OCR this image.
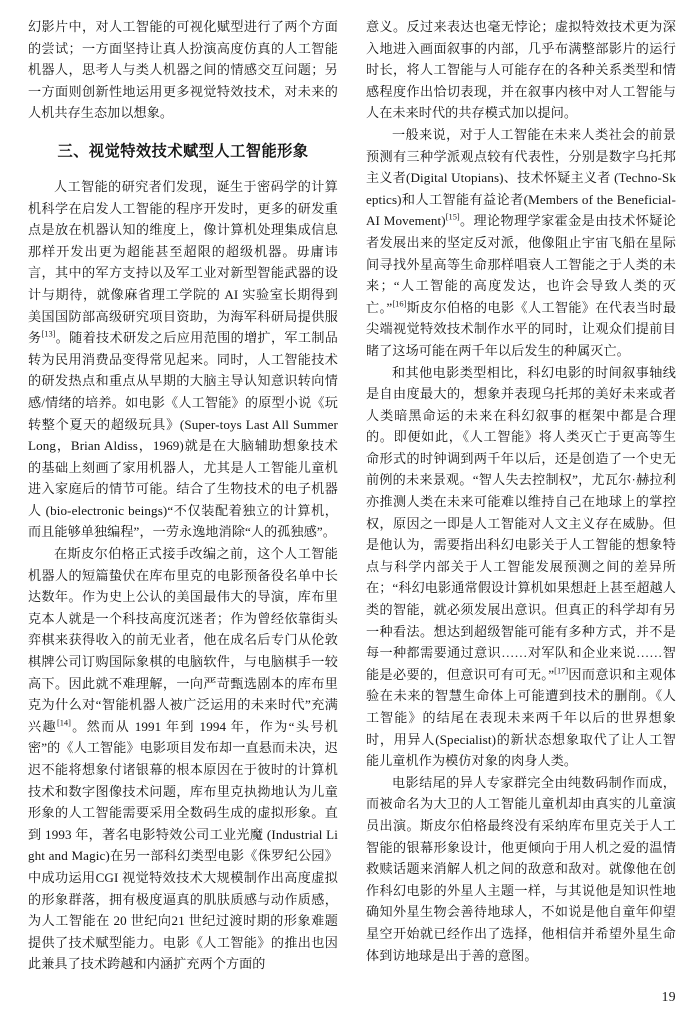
幻影片中，对人工智能的可视化赋型进行了两个方面的尝试；一方面坚持让真人扮演高度仿真的人工智能机器人，思考人与类人机器之间的情感交互问题；另一方面则创新性地运用更多视觉特效技术，对未来的人机共存生态加以想象。

三、视觉特效技术赋型人工智能形象

人工智能的研究者们发现，诞生于密码学的计算机科学在启发人工智能的程序开发时，更多的研发重点是放在机器认知的维度上，像计算机处理集成信息那样开发出更为超能甚至超限的超级机器。毋庸讳言，其中的军方支持以及军工业对新型智能武器的设计与期待，就像麻省理工学院的 AI 实验室长期得到美国国防部高级研究项目资助，为海军科研局提供服务[13]。随着技术研发之后应用范围的增扩，军工制品转为民用消费品变得常见起来。同时，人工智能技术的研发热点和重点从早期的大脑主导认知意识转向情感/情绪的培养。如电影《人工智能》的原型小说《玩转整个夏天的超级玩具》(Super-toys Last All Summer Long，Brian Aldiss，1969)就是在大脑辅助想象技术的基础上刻画了家用机器人，尤其是人工智能儿童机进入家庭后的情节可能。结合了生物技术的电子机器人 (bio-electronic beings)“不仅装配着独立的计算机，而且能够单独编程”，一劳永逸地消除“人的孤独感”。

在斯皮尔伯格正式接手改编之前，这个人工智能机器人的短篇蛰伏在库布里克的电影预备役名单中长达数年。作为史上公认的美国最伟大的导演，库布里克本人就是一个科技高度沉迷者；作为曾经依靠街头弈棋来获得收入的前无业者，他在成名后专门从伦敦棋牌公司订购国际象棋的电脑软件，与电脑棋手一较高下。因此就不难理解，一向严苛甄选剧本的库布里克为什么对“智能机器人被广泛运用的未来时代”充满兴趣[14]。然而从 1991 年到 1994 年，作为“头号机密”的《人工智能》电影项目发布却一直悬而未决，迟迟不能将想象付诸银幕的根本原因在于彼时的计算机技术和数字图像技术问题，库布里克执拗地认为儿童形象的人工智能需要采用全数码生成的虚拟形象。直到 1993 年，著名电影特效公司工业光魔 (Industrial Light and Magic)在另一部科幻类型电影《侏罗纪公园》中成功运用CGI 视觉特效技术大规模制作出高度虚拟的形象群落，拥有极度逼真的肌肤质感与动作质感，为人工智能在 20 世纪向21 世纪过渡时期的形象难题提供了技术赋型能力。电影《人工智能》的推出也因此兼具了技术跨越和内涵扩充两个方面的

意义。反过来表达也毫无悖论；虚拟特效技术更为深入地进入画面叙事的内部，几乎布满整部影片的运行时长，将人工智能与人可能存在的各种关系类型和情感程度作出恰切表现，并在叙事内核中对人工智能与人在未来时代的共存模式加以提问。

一般来说，对于人工智能在未来人类社会的前景预测有三种学派观点较有代表性，分别是数字乌托邦主义者(Digital Utopians)、技术怀疑主义者 (Techno-Skeptics)和人工智能有益论者(Members of the Beneficial-AI Movement)[15]。理论物理学家霍金是由技术怀疑论者发展出来的坚定反对派，他像阻止宇宙飞船在星际间寻找外星高等生命那样唱衰人工智能之于人类的未来；“人工智能的高度发达，也许会导致人类的灭亡。”[16]斯皮尔伯格的电影《人工智能》在代表当时最尖端视觉特效技术制作水平的同时，让观众们提前目睹了这场可能在两千年以后发生的种属灭亡。

和其他电影类型相比，科幻电影的时间叙事轴线是自由度最大的，想象并表现乌托邦的美好未来或者人类暗黑命运的未来在科幻叙事的框架中都是合理的。即便如此，《人工智能》将人类灭亡于更高等生命形式的时钟调到两千年以后，还是创造了一个史无前例的未来景观。“智人失去控制权”，尤瓦尔·赫拉利亦推测人类在未来可能难以维持自己在地球上的掌控权，原因之一即是人工智能对人文主义存在威胁。但是他认为，需要指出科幻电影关于人工智能的想象特点与科学内部关于人工智能发展预测之间的差异所在；“科幻电影通常假设计算机如果想赶上甚至超越人类的智能，就必须发展出意识。但真正的科学却有另一种看法。想达到超级智能可能有多种方式，并不是每一种都需要通过意识……对军队和企业来说……智能是必要的，但意识可有可无。”[17]因而意识和主观体验在未来的智慧生命体上可能遭到技术的删削。《人工智能》的结尾在表现未来两千年以后的世界想象时，用异人(Specialist)的新状态想象取代了让人工智能儿童机作为模仿对象的肉身人类。

电影结尾的异人专家群完全由纯数码制作而成，而被命名为大卫的人工智能儿童机却由真实的儿童演员出演。斯皮尔伯格最终没有采纳库布里克关于人工智能的银幕形象设计，他更倾向于用人机之爱的温情救赎话题来消解人机之间的敌意和敌对。就像他在创作科幻电影的外星人主题一样，与其说他是知识性地确知外星生物会善待地球人，不如说是他自童年仰望星空开始就已经作出了选择，他相信并希望外星生命体到访地球是出于善的意图。

19
